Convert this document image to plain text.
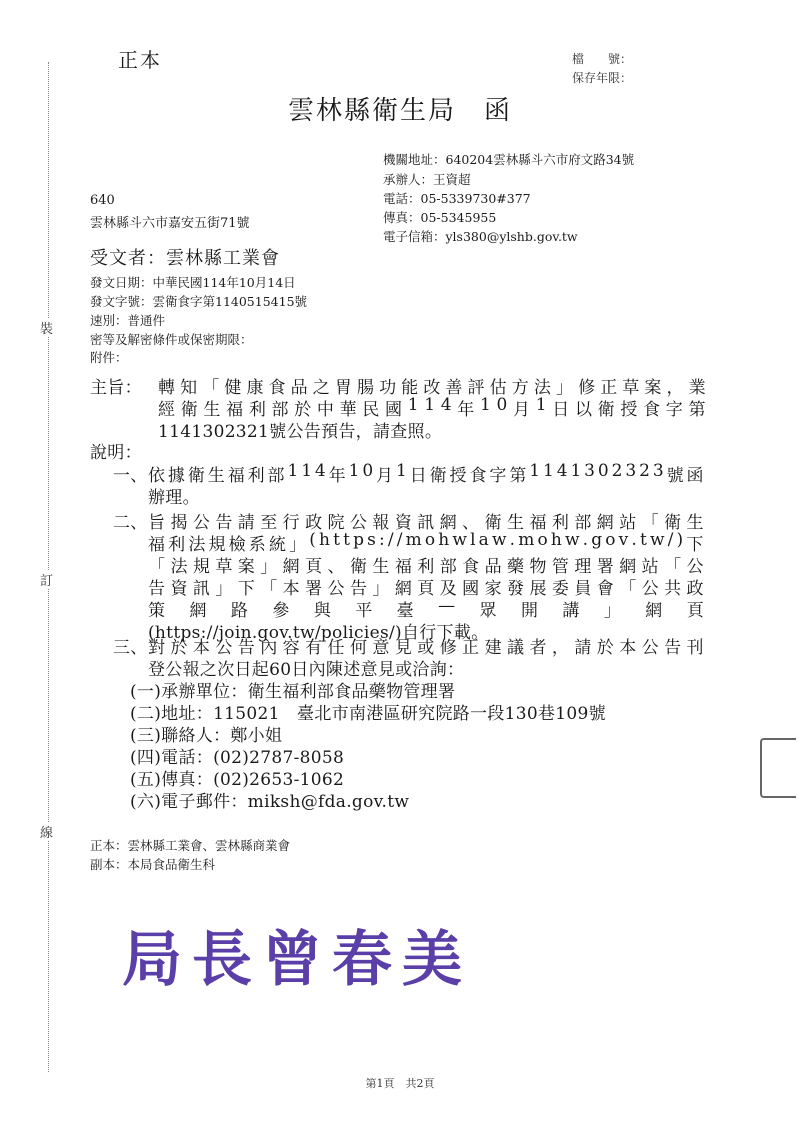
裝
訂
線
正本	檔　　號：
保存年限：
雲林縣衛生局　函
機關地址：640204雲林縣斗六市府文路34號
承辦人：王資超
電話：05-5339730#377
傳真：05-5345955
電子信箱：yls380@ylshb.gov.tw
640
雲林縣斗六市嘉安五街71號
受文者：雲林縣工業會
發文日期：中華民國114年10月14日
發文字號：雲衛食字第1140515415號
速別：普通件
密等及解密條件或保密期限：
附件：
主旨： 轉 知 「 健 康 食 品 之 胃 腸 功 能 改 善 評 估 方 法 」 修 正 草 案 ， 業
經 衛 生 福 利 部 於 中 華 民 國 1 1 4 年 1 0 月 1 日 以 衛 授 食 字 第
1141302321號公告預告，請查照。
說明：
一、 依 據 衛 生 福 利 部 1 1 4 年 1 0 月 1 日 衛 授 食 字 第 1 1 4 1 3 0 2 3 2 3 號 函
辦理。
二、 旨 揭 公 告 請 至 行 政 院 公 報 資 訊 網 、 衛 生 福 利 部 網 站 「 衛 生
福 利 法 規 檢 系 統 」 ( h t t p s : / / m o h w l a w . m o h w . g o v . t w / ) 下
「 法 規 草 案 」 網 頁 、 衛 生 福 利 部 食 品 藥 物 管 理 署 網 站 「 公
告 資 訊 」 下 「 本 署 公 告 」 網 頁 及 國 家 發 展 委 員 會 「 公 共 政
策
　 網
　 路
　 參
　 與
　 平
　 臺
　 —
　 眾
　 開
　 講
　 」
　 網
　 頁
(https://join.gov.tw/policies/)自行下載。
三、 對 於 本 公 告 內 容 有 任 何 意 見 或 修 正 建 議 者 ， 請 於 本 公 告 刊
登公報之次日起60日內陳述意見或洽詢：
(一)承辦單位：衛生福利部食品藥物管理署
(二)地址：115021　臺北市南港區研究院路一段130巷109號
(三)聯絡人：鄭小姐
(四)電話：(02)2787-8058
(五)傳真：(02)2653-1062
(六)電子郵件：miksh@fda.gov.tw
正本：雲林縣工業會、雲林縣商業會
副本：本局食品衛生科
局長曾春美
第1頁　共2頁
